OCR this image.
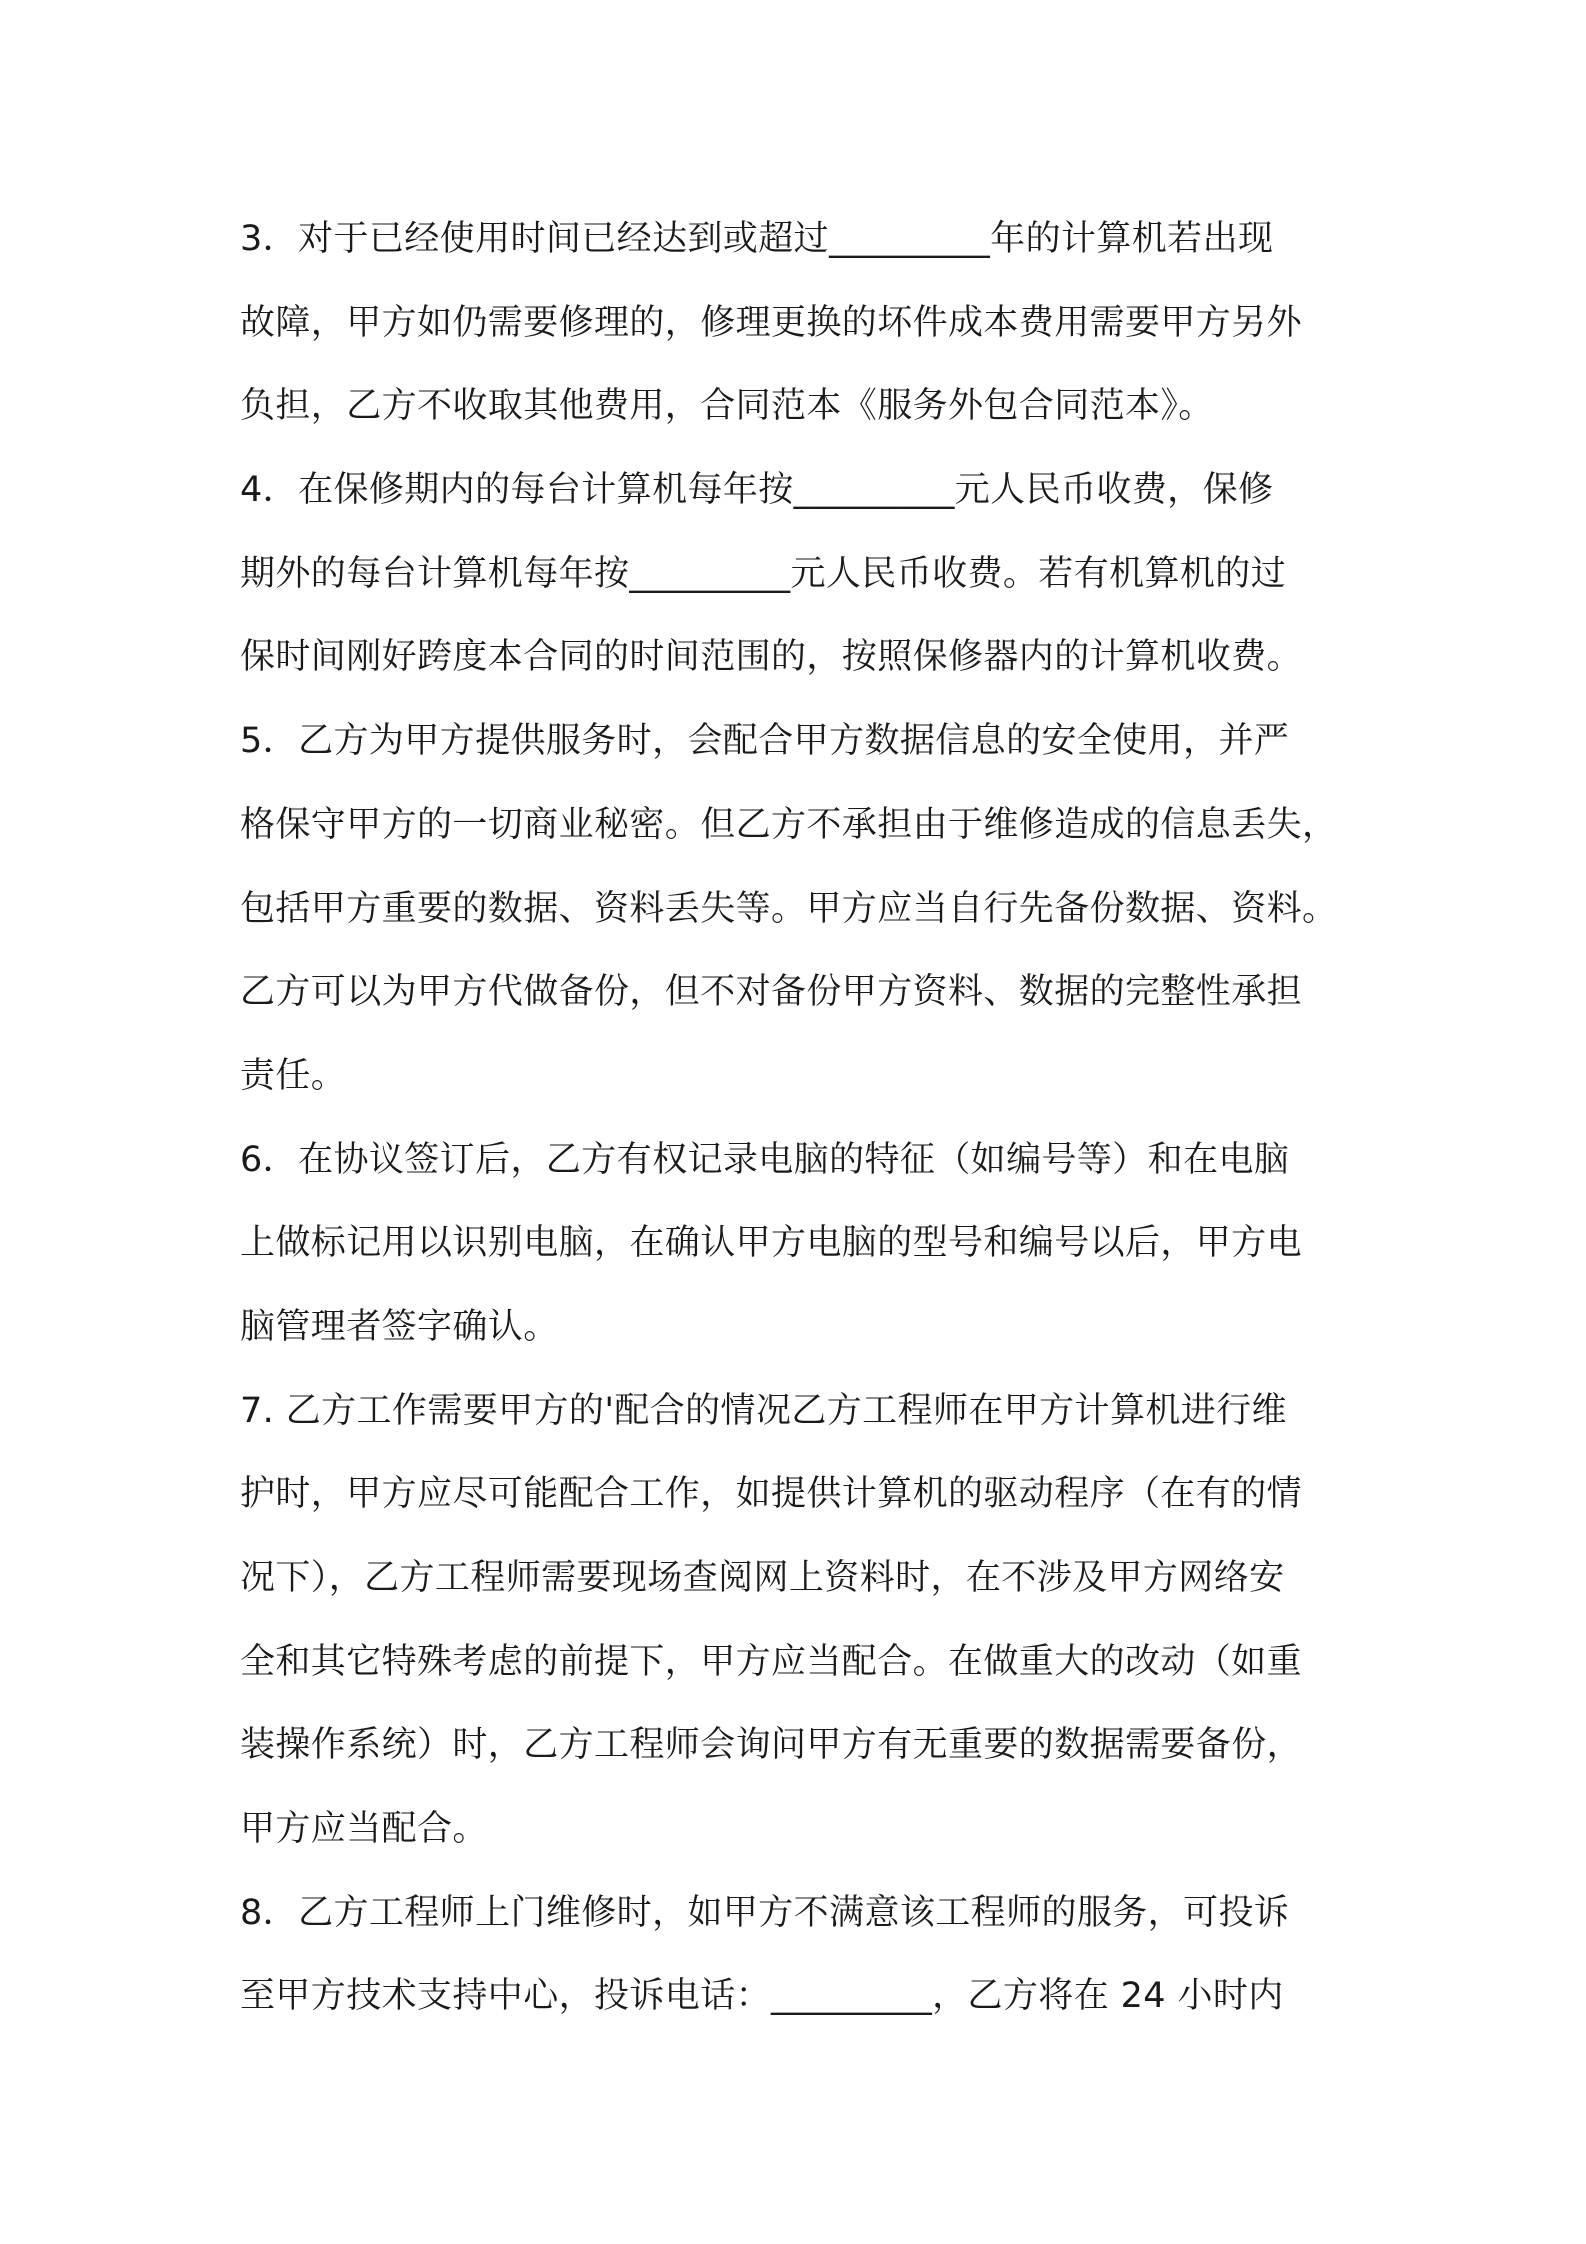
3．对于已经使用时间已经达到或超过_________年的计算机若出现
故障，甲方如仍需要修理的，修理更换的坏件成本费用需要甲方另外
负担，乙方不收取其他费用，合同范本《服务外包合同范本》。
4．在保修期内的每台计算机每年按_________元人民币收费，保修
期外的每台计算机每年按_________元人民币收费。若有机算机的过
保时间刚好跨度本合同的时间范围的，按照保修器内的计算机收费。
5．乙方为甲方提供服务时，会配合甲方数据信息的安全使用，并严
格保守甲方的一切商业秘密。但乙方不承担由于维修造成的信息丢失，
包括甲方重要的数据、资料丢失等。甲方应当自行先备份数据、资料。
乙方可以为甲方代做备份，但不对备份甲方资料、数据的完整性承担
责任。
6．在协议签订后，乙方有权记录电脑的特征（如编号等）和在电脑
上做标记用以识别电脑，在确认甲方电脑的型号和编号以后，甲方电
脑管理者签字确认。
7. 乙方工作需要甲方的'配合的情况乙方工程师在甲方计算机进行维
护时，甲方应尽可能配合工作，如提供计算机的驱动程序（在有的情
况下），乙方工程师需要现场查阅网上资料时，在不涉及甲方网络安
全和其它特殊考虑的前提下，甲方应当配合。在做重大的改动（如重
装操作系统）时，乙方工程师会询问甲方有无重要的数据需要备份，
甲方应当配合。
8．乙方工程师上门维修时，如甲方不满意该工程师的服务，可投诉
至甲方技术支持中心，投诉电话：_________，乙方将在 24 小时内
